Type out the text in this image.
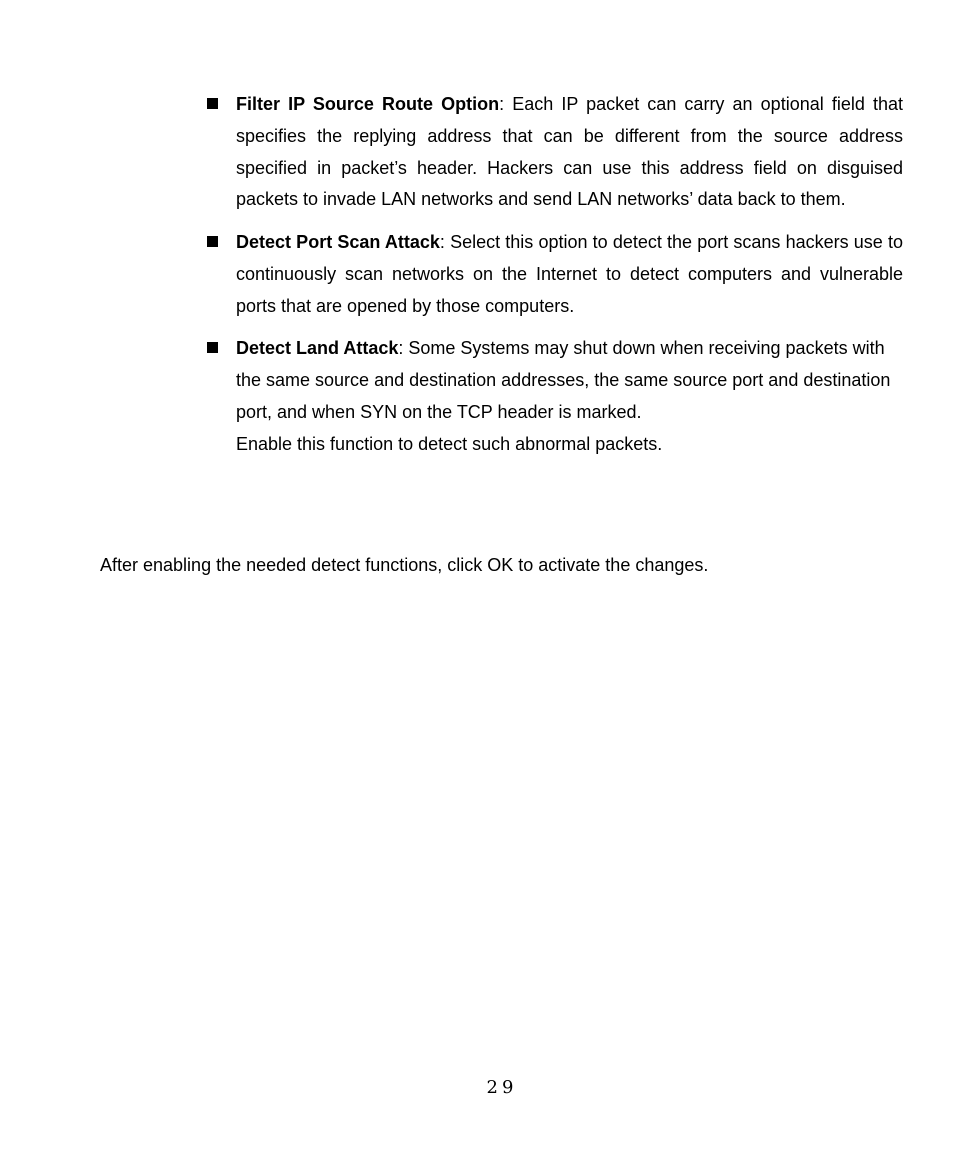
Filter IP Source Route Option: Each IP packet can carry an optional field that specifies the replying address that can be different from the source address specified in packet’s header. Hackers can use this address field on disguised packets to invade LAN networks and send LAN networks’ data back to them.
Detect Port Scan Attack: Select this option to detect the port scans hackers use to continuously scan networks on the Internet to detect computers and vulnerable ports that are opened by those computers.
Detect Land Attack: Some Systems may shut down when receiving packets with the same source and destination addresses, the same source port and destination port, and when SYN on the TCP header is marked.
Enable this function to detect such abnormal packets.

After enabling the needed detect functions, click OK to activate the changes.

29
